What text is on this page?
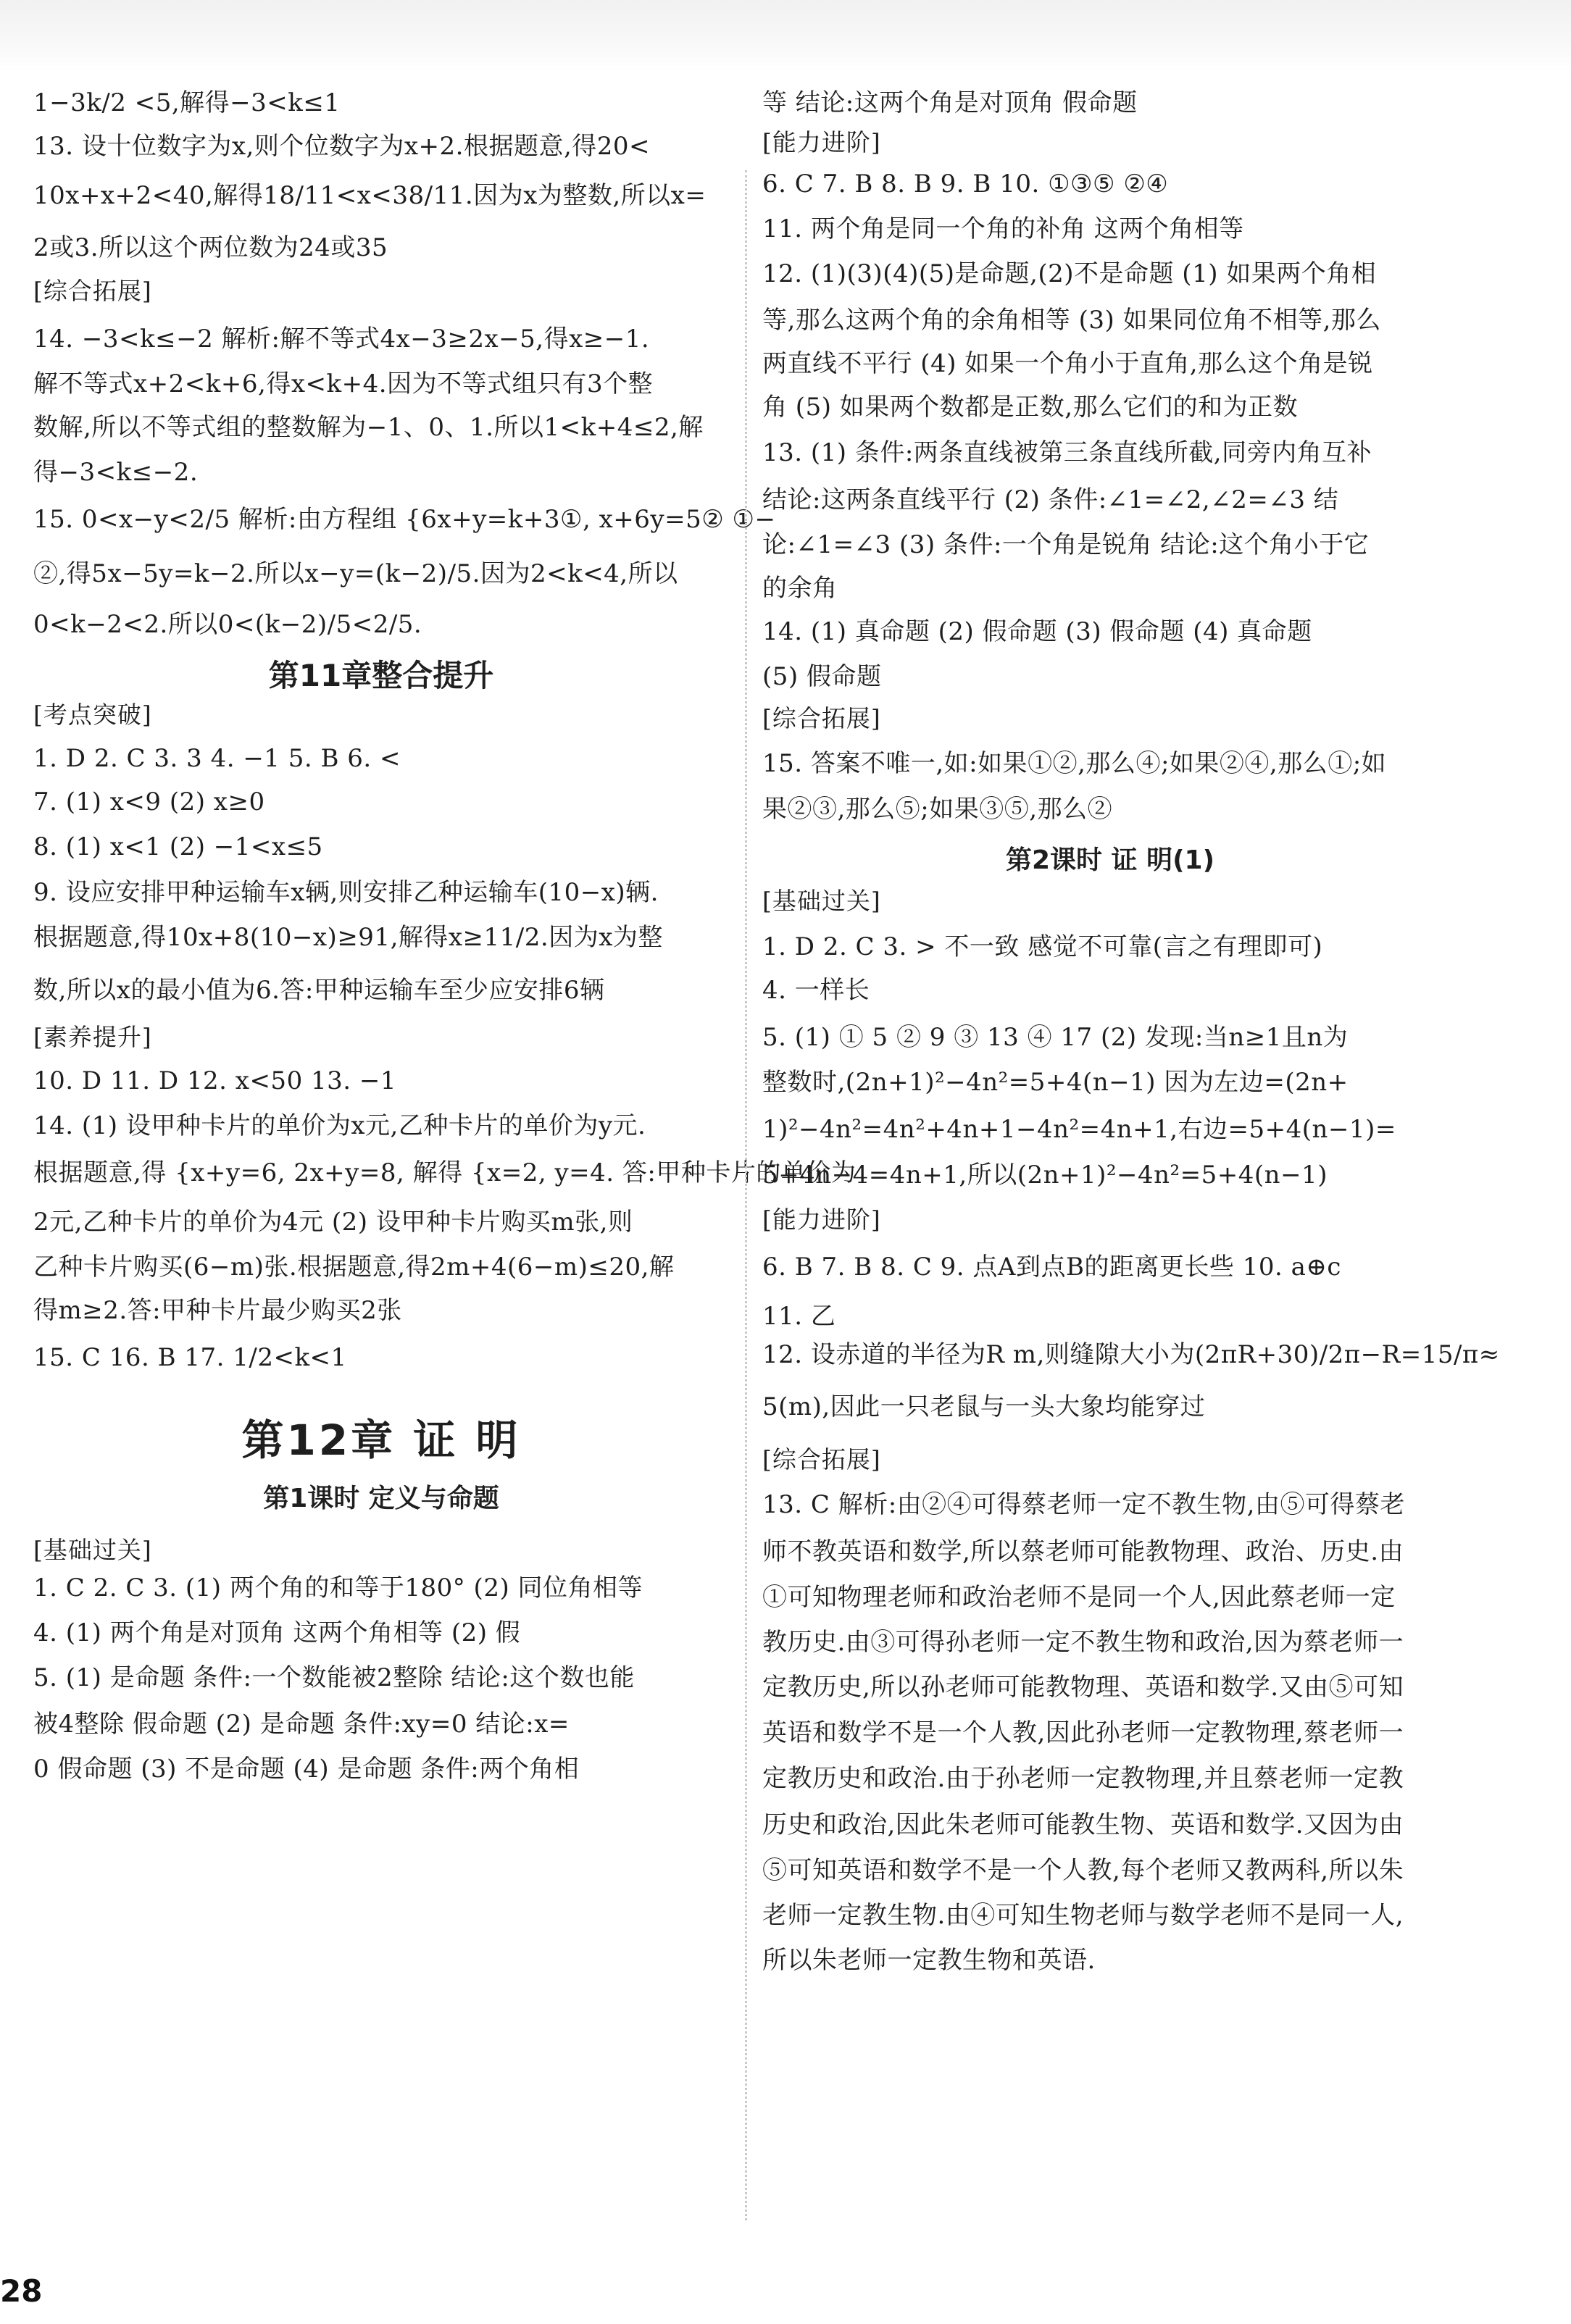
1−3k/2 <5,解得−3<k≤1
13. 设十位数字为x,则个位数字为x+2.根据题意,得20<
10x+x+2<40,解得18/11<x<38/11.因为x为整数,所以x=
2或3.所以这个两位数为24或35
[综合拓展]
14. −3<k≤−2 解析:解不等式4x−3≥2x−5,得x≥−1.
解不等式x+2<k+6,得x<k+4.因为不等式组只有3个整
数解,所以不等式组的整数解为−1、0、1.所以1<k+4≤2,解
得−3<k≤−2.
15. 0<x−y<2/5 解析:由方程组 {6x+y=k+3①, x+6y=5② ①−
②,得5x−5y=k−2.所以x−y=(k−2)/5.因为2<k<4,所以
0<k−2<2.所以0<(k−2)/5<2/5.
第11章整合提升
[考点突破]
1. D 2. C 3. 3 4. −1 5. B 6. <
7. (1) x<9 (2) x≥0
8. (1) x<1 (2) −1<x≤5
9. 设应安排甲种运输车x辆,则安排乙种运输车(10−x)辆.
根据题意,得10x+8(10−x)≥91,解得x≥11/2.因为x为整
数,所以x的最小值为6.答:甲种运输车至少应安排6辆
[素养提升]
10. D 11. D 12. x<50 13. −1
14. (1) 设甲种卡片的单价为x元,乙种卡片的单价为y元.
根据题意,得 {x+y=6, 2x+y=8, 解得 {x=2, y=4. 答:甲种卡片的单价为
2元,乙种卡片的单价为4元 (2) 设甲种卡片购买m张,则
乙种卡片购买(6−m)张.根据题意,得2m+4(6−m)≤20,解
得m≥2.答:甲种卡片最少购买2张
15. C 16. B 17. 1/2<k<1
第12章 证 明
第1课时 定义与命题
[基础过关]
1. C 2. C 3. (1) 两个角的和等于180° (2) 同位角相等
4. (1) 两个角是对顶角 这两个角相等 (2) 假
5. (1) 是命题 条件:一个数能被2整除 结论:这个数也能
被4整除 假命题 (2) 是命题 条件:xy=0 结论:x=
0 假命题 (3) 不是命题 (4) 是命题 条件:两个角相
等 结论:这两个角是对顶角 假命题
[能力进阶]
6. C 7. B 8. B 9. B 10. ①③⑤ ②④
11. 两个角是同一个角的补角 这两个角相等
12. (1)(3)(4)(5)是命题,(2)不是命题 (1) 如果两个角相
等,那么这两个角的余角相等 (3) 如果同位角不相等,那么
两直线不平行 (4) 如果一个角小于直角,那么这个角是锐
角 (5) 如果两个数都是正数,那么它们的和为正数
13. (1) 条件:两条直线被第三条直线所截,同旁内角互补
结论:这两条直线平行 (2) 条件:∠1=∠2,∠2=∠3 结
论:∠1=∠3 (3) 条件:一个角是锐角 结论:这个角小于它
的余角
14. (1) 真命题 (2) 假命题 (3) 假命题 (4) 真命题
(5) 假命题
[综合拓展]
15. 答案不唯一,如:如果①②,那么④;如果②④,那么①;如
果②③,那么⑤;如果③⑤,那么②
第2课时 证 明(1)
[基础过关]
1. D 2. C 3. > 不一致 感觉不可靠(言之有理即可)
4. 一样长
5. (1) ① 5 ② 9 ③ 13 ④ 17 (2) 发现:当n≥1且n为
整数时,(2n+1)²−4n²=5+4(n−1) 因为左边=(2n+
1)²−4n²=4n²+4n+1−4n²=4n+1,右边=5+4(n−1)=
5+4n−4=4n+1,所以(2n+1)²−4n²=5+4(n−1)
[能力进阶]
6. B 7. B 8. C 9. 点A到点B的距离更长些 10. a⊕c
11. 乙
12. 设赤道的半径为R m,则缝隙大小为(2πR+30)/2π−R=15/π≈
5(m),因此一只老鼠与一头大象均能穿过
[综合拓展]
13. C 解析:由②④可得蔡老师一定不教生物,由⑤可得蔡老
师不教英语和数学,所以蔡老师可能教物理、政治、历史.由
①可知物理老师和政治老师不是同一个人,因此蔡老师一定
教历史.由③可得孙老师一定不教生物和政治,因为蔡老师一
定教历史,所以孙老师可能教物理、英语和数学.又由⑤可知
英语和数学不是一个人教,因此孙老师一定教物理,蔡老师一
定教历史和政治.由于孙老师一定教物理,并且蔡老师一定教
历史和政治,因此朱老师可能教生物、英语和数学.又因为由
⑤可知英语和数学不是一个人教,每个老师又教两科,所以朱
老师一定教生物.由④可知生物老师与数学老师不是同一人,
所以朱老师一定教生物和英语.
28
